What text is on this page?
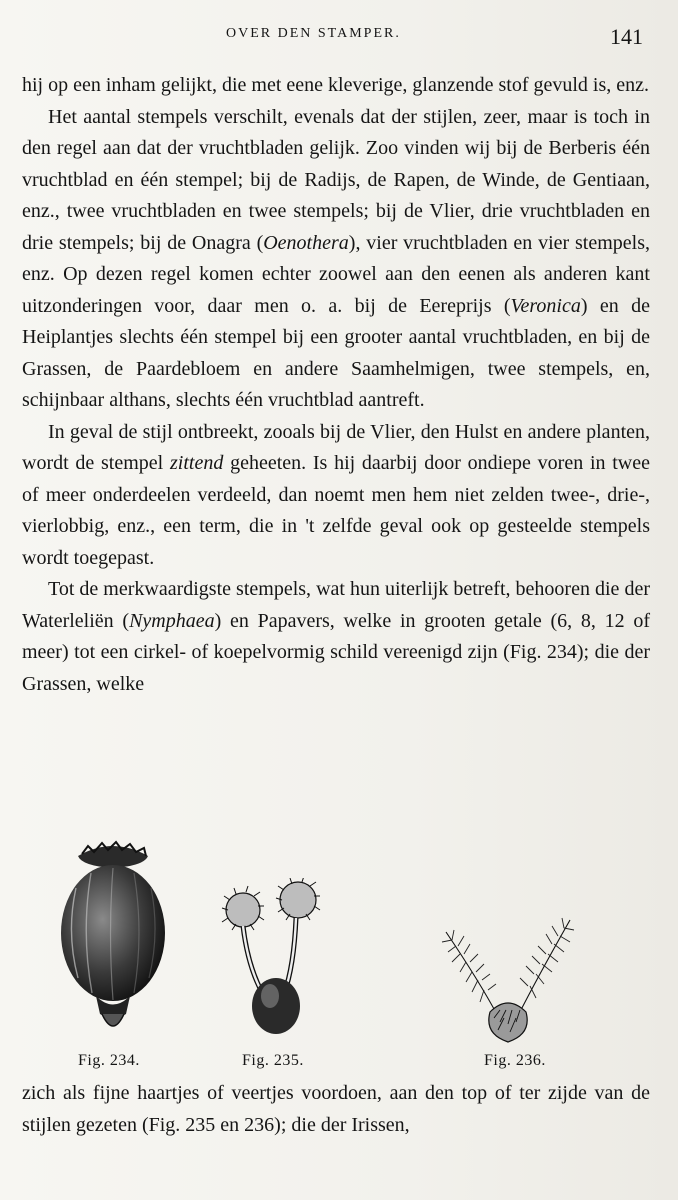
OVER DEN STAMPER.	141

hij op een inham gelijkt, die met eene kleverige, glanzende stof gevuld is, enz.

Het aantal stempels verschilt, evenals dat der stijlen, zeer, maar is toch in den regel aan dat der vruchtbladen gelijk. Zoo vinden wij bij de Berberis één vruchtblad en één stempel; bij de Radijs, de Rapen, de Winde, de Gentiaan, enz., twee vruchtbladen en twee stempels; bij de Vlier, drie vruchtbladen en drie stempels; bij de Onagra (Oenothera), vier vruchtbladen en vier stempels, enz. Op dezen regel komen echter zoowel aan den eenen als anderen kant uitzonderingen voor, daar men o. a. bij de Eereprijs (Veronica) en de Heiplantjes slechts één stempel bij een grooter aantal vruchtbladen, en bij de Grassen, de Paardebloem en andere Saamhelmigen, twee stempels, en, schijnbaar althans, slechts één vruchtblad aantreft.

In geval de stijl ontbreekt, zooals bij de Vlier, den Hulst en andere planten, wordt de stempel zittend geheeten. Is hij daarbij door ondiepe voren in twee of meer onderdeelen verdeeld, dan noemt men hem niet zelden twee-, drie-, vierlobbig, enz., een term, die in 't zelfde geval ook op gesteelde stempels wordt toegepast.

Tot de merkwaardigste stempels, wat hun uiterlijk betreft, behooren die der Waterleliën (Nymphaea) en Papavers, welke in grooten getale (6, 8, 12 of meer) tot een cirkel- of koepelvormig schild vereenigd zijn (Fig. 234); die der Grassen, welke

Fig. 234.	Fig. 235.	Fig. 236.

zich als fijne haartjes of veertjes voordoen, aan den top of ter zijde van de stijlen gezeten (Fig. 235 en 236); die der Irissen,
